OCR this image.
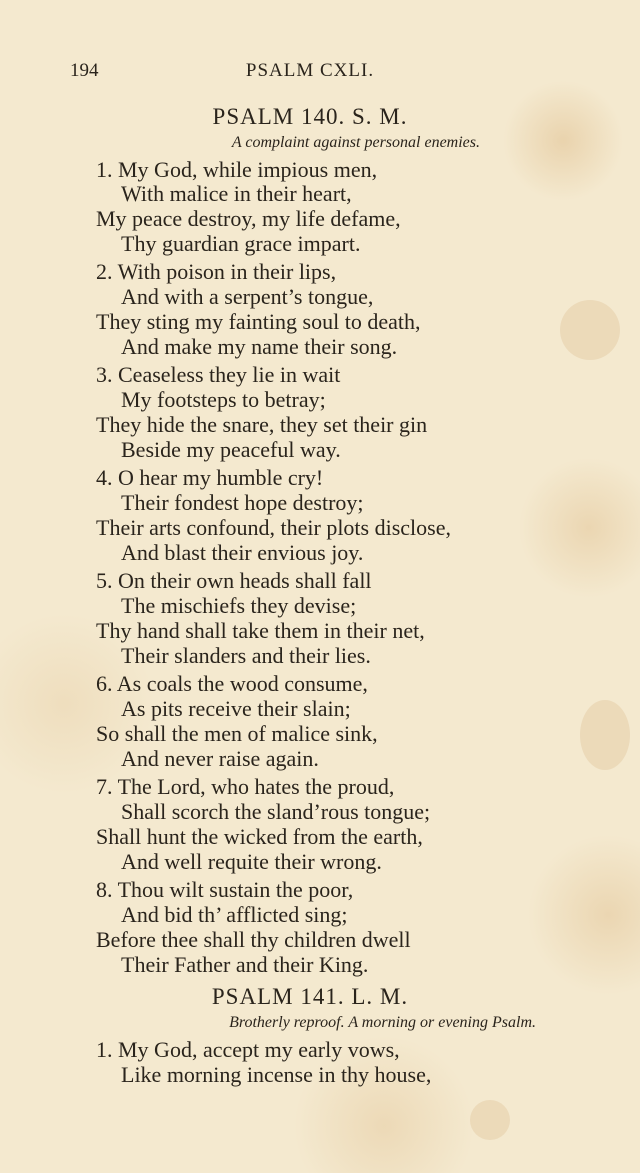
194	PSALM CXLI.
PSALM 140. S. M.
A complaint against personal enemies.
1. My God, while impious men,
With malice in their heart,
My peace destroy, my life defame,
Thy guardian grace impart.
2. With poison in their lips,
And with a serpent’s tongue,
They sting my fainting soul to death,
And make my name their song.
3. Ceaseless they lie in wait
My footsteps to betray;
They hide the snare, they set their gin
Beside my peaceful way.
4. O hear my humble cry!
Their fondest hope destroy;
Their arts confound, their plots disclose,
And blast their envious joy.
5. On their own heads shall fall
The mischiefs they devise;
Thy hand shall take them in their net,
Their slanders and their lies.
6. As coals the wood consume,
As pits receive their slain;
So shall the men of malice sink,
And never raise again.
7. The Lord, who hates the proud,
Shall scorch the sland’rous tongue;
Shall hunt the wicked from the earth,
And well requite their wrong.
8. Thou wilt sustain the poor,
And bid th’ afflicted sing;
Before thee shall thy children dwell
Their Father and their King.
PSALM 141. L. M.
Brotherly reproof. A morning or evening Psalm.
1. My God, accept my early vows,
Like morning incense in thy house,
